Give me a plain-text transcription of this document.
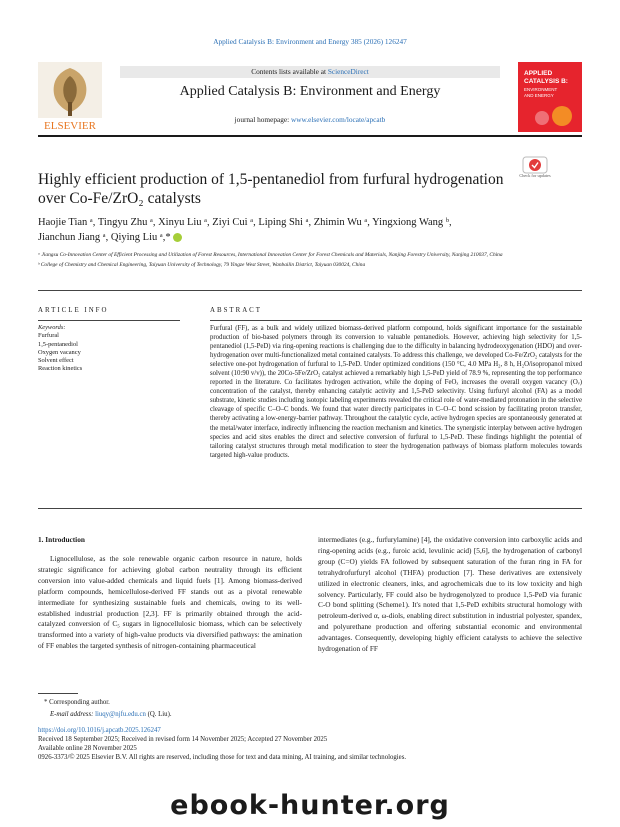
Applied Catalysis B: Environment and Energy 385 (2026) 126247
ELSEVIER
Contents lists available at ScienceDirect
Applied Catalysis B: Environment and Energy
journal homepage: www.elsevier.com/locate/apcatb
APPLIED
CATALYSIS B:
ENVIRONMENT
AND ENERGY
Highly efficient production of 1,5-pentanediol from furfural hydrogenation over Co-Fe/ZrO₂ catalysts
Check for updates
Haojie Tian ᵃ, Tingyu Zhu ᵃ, Xinyu Liu ᵃ, Ziyi Cui ᵃ, Liping Shi ᵃ, Zhimin Wu ᵃ, Yingxiong Wang ᵇ,
Jianchun Jiang ᵃ, Qiying Liu ᵃ,*
ᵃ Jiangsu Co-Innovation Center of Efficient Processing and Utilization of Forest Resources, International Innovation Center for Forest Chemicals and Materials, Nanjing Forestry University, Nanjing 210037, China
ᵇ College of Chemistry and Chemical Engineering, Taiyuan University of Technology, 79 Yingze West Street, Wanbailin District, Taiyuan 030024, China
ARTICLE INFO	ABSTRACT
Keywords:
Furfural
1,5-pentanediol
Oxygen vacancy
Solvent effect
Reaction kinetics
Furfural (FF), as a bulk and widely utilized biomass-derived platform compound, holds significant importance for the sustainable production of bio-based polymers through its conversion to valuable pentanediols. However, achieving high selectivity for 1,5-pentanediol (1,5-PeD) via ring-opening reactions is challenging due to the difficulty in balancing hydrodeoxygenation (HDO) and over-hydrogenation over multi-functionalized metal contained catalysts. To address this challenge, we developed Co-Fe/ZrO₂ catalysts for the selective one-pot hydrogenation of furfural to 1,5-PeD. Under optimized conditions (150 °C, 4.0 MPa H₂, 8 h, H₂O/isopropanol mixed solvent (10:90 v/v)), the 20Co-5Fe/ZrO₂ catalyst achieved a remarkably high 1,5-PeD yield of 78.9 %, representing the top performance reported in the literature. Co facilitates hydrogen activation, while the doping of FeOₓ increases the overall oxygen vacancy (Oᵥ) concentration of the catalyst, thereby enhancing catalytic activity and 1,5-PeD selectivity. Using furfuryl alcohol (FA) as a model substrate, kinetic studies including isotopic labeling experiments revealed the critical role of water-mediated protonation in the selective cleavage of specific C–O–C bonds. We found that water directly participates in C–O–C bond scission by facilitating proton transfer, thereby activating a low-energy-barrier pathway. Throughout the catalytic cycle, active hydrogen species are spontaneously generated at the metal/water interface, indirectly influencing the reaction mechanism and kinetics. The synergistic interplay between active hydrogen species and acid sites enables the direct and selective conversion of furfural to 1,5-PeD. These findings highlight the potential of tailoring catalyst structures through metal modification to steer the hydrogenation pathways of biomass platform molecules towards targeted high-value products.
1. Introduction
Lignocellulose, as the sole renewable organic carbon resource in nature, holds strategic significance for achieving global carbon neutrality through its efficient conversion into value-added chemicals and liquid fuels [1]. Among biomass-derived platform compounds, hemicellulose-derived FF stands out as a pivotal renewable intermediate for synthesizing sustainable fuels and chemicals, owing to its well-established industrial production [2,3]. FF is primarily obtained through the acid-catalyzed conversion of C₅ sugars in lignocellulosic biomass, which can be selectively transformed into a variety of high-value products via diversified pathways: the amination of FF enables the targeted synthesis of nitrogen-containing pharmaceutical
intermediates (e.g., furfurylamine) [4], the oxidative conversion into carboxylic acids and ring-opening acids (e.g., furoic acid, levulinic acid) [5,6], the hydrogenation of carbonyl group (C=O) yields FA followed by subsequent saturation of the furan ring in FA for tetrahydrofurfuryl alcohol (THFA) production [7]. These derivatives are extensively utilized in electronic cleaners, inks, and agrochemicals due to its low toxicity and high solvency. Particularly, FF could also be hydrogenolyzed to produce 1,5-PeD via furanic C-O bond splitting (Scheme1). It's noted that 1,5-PeD exhibits structural homology with petroleum-derived α, ω-diols, enabling direct substitution in industrial polyester, spandex, and polyurethane production and offering substantial economic and environmental advantages. Consequently, developing highly efficient catalysts to achieve the selective hydrogenation of FF
* Corresponding author.
E-mail address: liuqy@njfu.edu.cn (Q. Liu).
https://doi.org/10.1016/j.apcatb.2025.126247
Received 18 September 2025; Received in revised form 14 November 2025; Accepted 27 November 2025
Available online 28 November 2025
0926-3373/© 2025 Elsevier B.V. All rights are reserved, including those for text and data mining, AI training, and similar technologies.
ebook-hunter.org
